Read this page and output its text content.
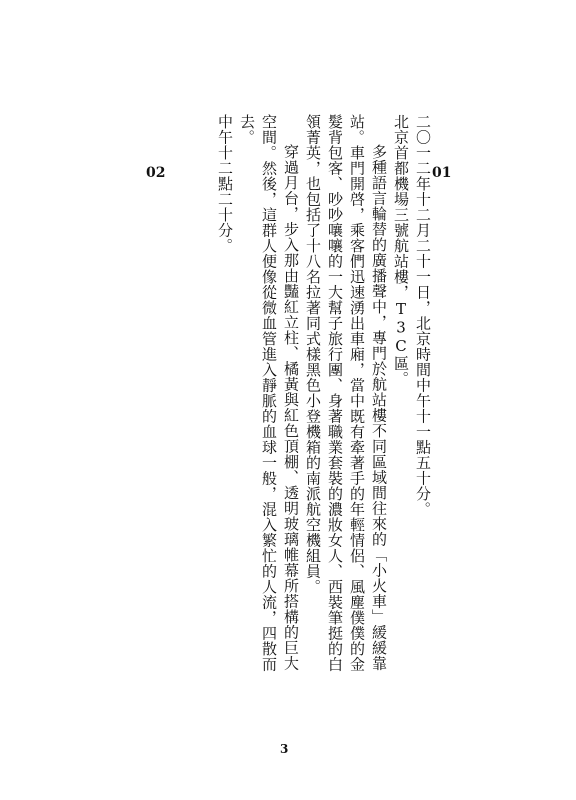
01
02	二〇一二年十二月二十一日，北京時間中午十一點五十分。

北京首都機場三號航站樓，T3C區。

多種語言輪替的廣播聲中，專門於航站樓不同區域間往來的「小火車」緩緩靠站。車門開啓，乘客們迅速湧出車廂，當中既有牽著手的年輕情侶、風塵僕僕的金髮背包客、吵吵嚷嚷的一大幫子旅行團、身著職業套裝的濃妝女人、西裝筆挺的白領菁英，也包括了十八名拉著同式樣黑色小登機箱的南派航空機組員。

穿過月台，步入那由豔紅立柱、橘黃與紅色頂棚、透明玻璃帷幕所搭構的巨大空間。然後，這群人便像從微血管進入靜脈的血球一般，混入繁忙的人流，四散而去。

中午十二點二十分。

3
